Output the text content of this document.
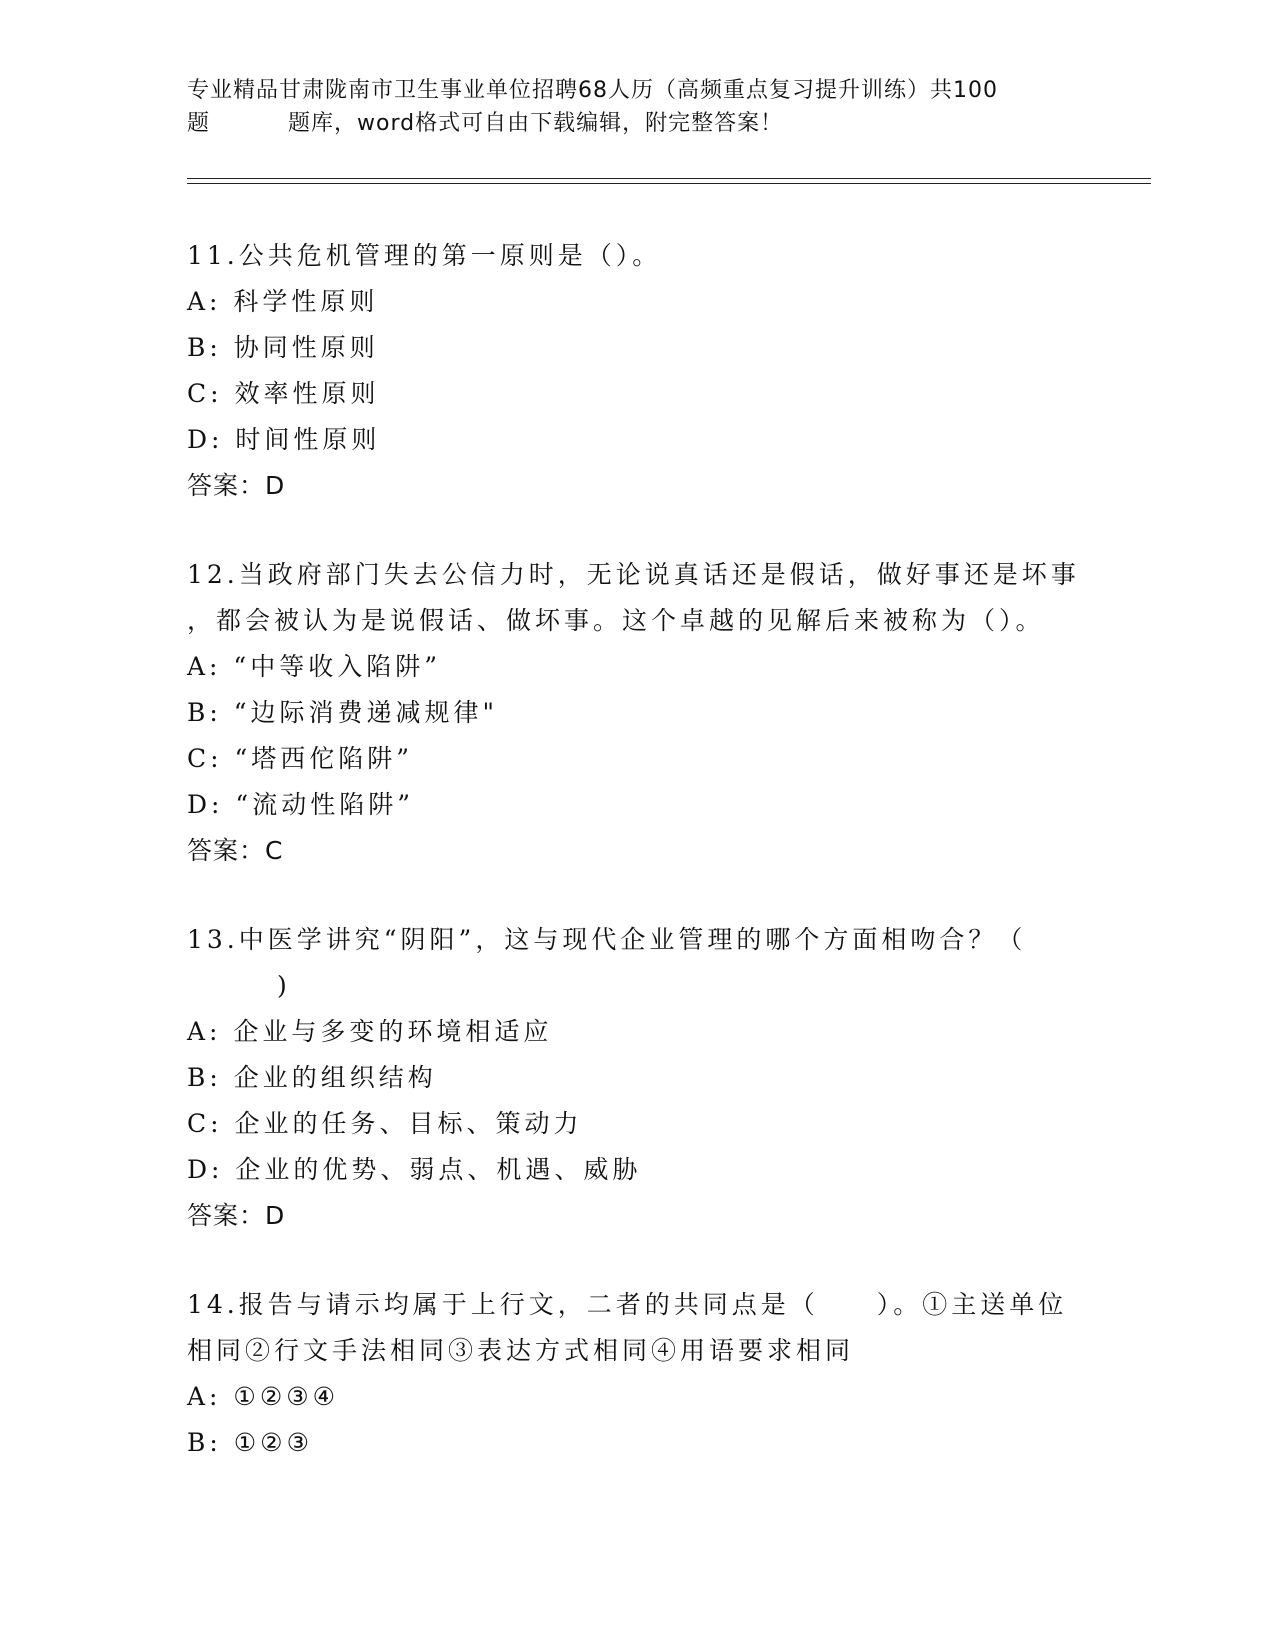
专业精品甘肃陇南市卫生事业单位招聘68人历（高频重点复习提升训练）共100
题	题库，word格式可自由下载编辑，附完整答案！
11.公共危机管理的第一原则是（）。
A: 科学性原则
B: 协同性原则
C: 效率性原则
D: 时间性原则
答案：D
12.当政府部门失去公信力时，无论说真话还是假话，做好事还是坏事
，都会被认为是说假话、做坏事。这个卓越的见解后来被称为（）。
A: “中等收入陷阱”
B: “边际消费递减规律"
C: “塔西佗陷阱”
D: “流动性陷阱”
答案：C
13.中医学讲究“阴阳”，这与现代企业管理的哪个方面相吻合？（
)
A: 企业与多变的环境相适应
B: 企业的组织结构
C: 企业的任务、目标、策动力
D: 企业的优势、弱点、机遇、威胁
答案：D
14.报告与请示均属于上行文，二者的共同点是（　　）。①主送单位
相同②行文手法相同③表达方式相同④用语要求相同
A: ①②③④
B: ①②③
